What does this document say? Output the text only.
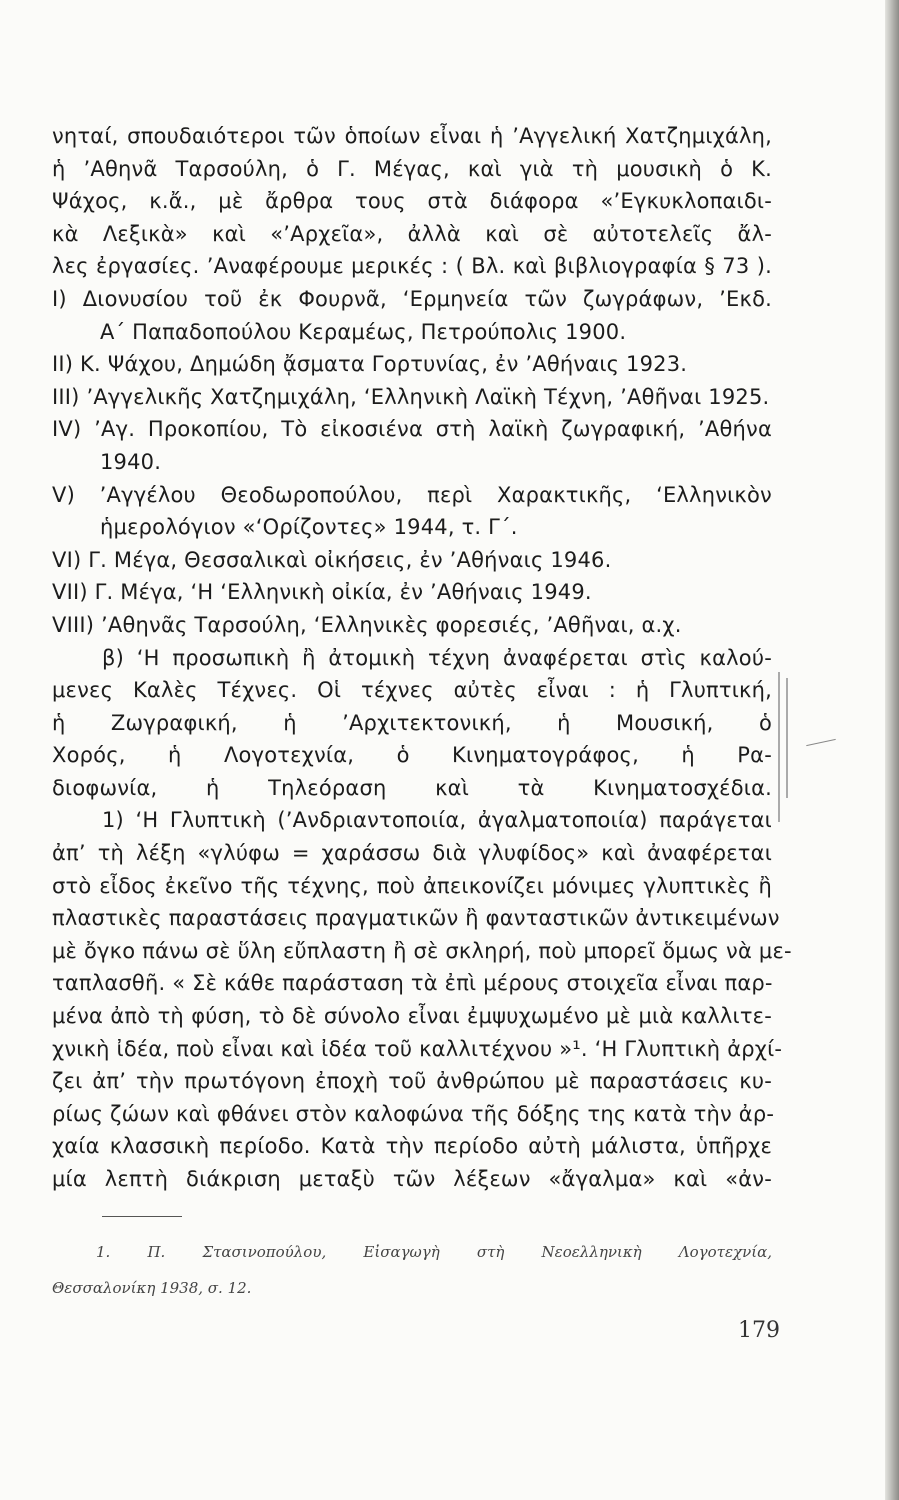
νηταί, σπουδαιότεροι τῶν ὁποίων εἶναι ἡ ’Αγγελική Χατζημιχάλη,
ἡ ’Αθηνᾶ Ταρσούλη, ὁ Γ. Μέγας, καὶ γιὰ τὴ μουσικὴ ὁ Κ.
Ψάχος, κ.ἄ., μὲ ἄρθρα τους στὰ διάφορα «’Εγκυκλοπαιδι-
κὰ Λεξικὰ» καὶ «’Αρχεῖα», ἀλλὰ καὶ σὲ αὐτοτελεῖς ἄλ-
λες ἐργασίες. ’Αναφέρουμε μερικές : ( Βλ. καὶ βιβλιογραφία § 73 ).
I) Διονυσίου τοῦ ἐκ Φουρνᾶ, ‘Ερμηνεία τῶν ζωγράφων, ’Εκδ.
Α΄ Παπαδοπούλου Κεραμέως, Πετρούπολις 1900.
II) Κ. Ψάχου, Δημώδη ᾄσματα Γορτυνίας, ἐν ’Αθήναις 1923.
III) ’Αγγελικῆς Χατζημιχάλη, ‘Ελληνικὴ Λαϊκὴ Τέχνη, ’Αθῆναι 1925.
IV) ’Αγ. Προκοπίου, Τὸ εἰκοσιένα στὴ λαϊκὴ ζωγραφική, ’Αθήνα
1940.
V) ’Αγγέλου Θεοδωροπούλου, περὶ Χαρακτικῆς, ‘Ελληνικὸν
ἡμερολόγιον «‘Ορίζοντες» 1944, τ. Γ΄.
VI) Γ. Μέγα, Θεσσαλικαὶ οἰκήσεις, ἐν ’Αθήναις 1946.
VII) Γ. Μέγα, ‘Η ‘Ελληνικὴ οἰκία, ἐν ’Αθήναις 1949.
VIII) ’Αθηνᾶς Ταρσούλη, ‘Ελληνικὲς φορεσιές, ’Αθῆναι, α.χ.
β) ‘Η προσωπικὴ ἢ ἀτομικὴ τέχνη ἀναφέρεται στὶς καλού-
μενες Καλὲς Τέχνες. Οἱ τέχνες αὐτὲς εἶναι : ἡ Γλυπτική,
ἡ Ζωγραφική, ἡ ’Αρχιτεκτονική, ἡ Μουσική, ὁ
Χορός, ἡ Λογοτεχνία, ὁ Κινηματογράφος, ἡ Ρα-
διοφωνία, ἡ Τηλεόραση καὶ τὰ Κινηματοσχέδια.
1) ‘Η Γλυπτικὴ (’Ανδριαντοποιία, ἀγαλματοποιία) παράγεται
ἀπ’ τὴ λέξη «γλύφω = χαράσσω διὰ γλυφίδος» καὶ ἀναφέρεται
στὸ εἶδος ἐκεῖνο τῆς τέχνης, ποὺ ἀπεικονίζει μόνιμες γλυπτικὲς ἢ
πλαστικὲς παραστάσεις πραγματικῶν ἢ φανταστικῶν ἀντικειμένων
μὲ ὄγκο πάνω σὲ ὕλη εὔπλαστη ἢ σὲ σκληρή, ποὺ μπορεῖ ὅμως νὰ με-
ταπλασθῆ. « Σὲ κάθε παράσταση τὰ ἐπὶ μέρους στοιχεῖα εἶναι παρ-
μένα ἀπὸ τὴ φύση, τὸ δὲ σύνολο εἶναι ἐμψυχωμένο μὲ μιὰ καλλιτε-
χνικὴ ἰδέα, ποὺ εἶναι καὶ ἰδέα τοῦ καλλιτέχνου »¹. ‘Η Γλυπτικὴ ἀρχί-
ζει ἀπ’ τὴν πρωτόγονη ἐποχὴ τοῦ ἀνθρώπου μὲ παραστάσεις κυ-
ρίως ζώων καὶ φθάνει στὸν καλοφώνα τῆς δόξης της κατὰ τὴν ἀρ-
χαία κλασσικὴ περίοδο. Κατὰ τὴν περίοδο αὐτὴ μάλιστα, ὑπῆρχε
μία λεπτὴ διάκριση μεταξὺ τῶν λέξεων «ἄγαλμα» καὶ «ἀν-
1. Π. Στασινοπούλου, Εἰσαγωγὴ στὴ Νεοελληνικὴ Λογοτεχνία,
Θεσσαλονίκη 1938, σ. 12.
179
